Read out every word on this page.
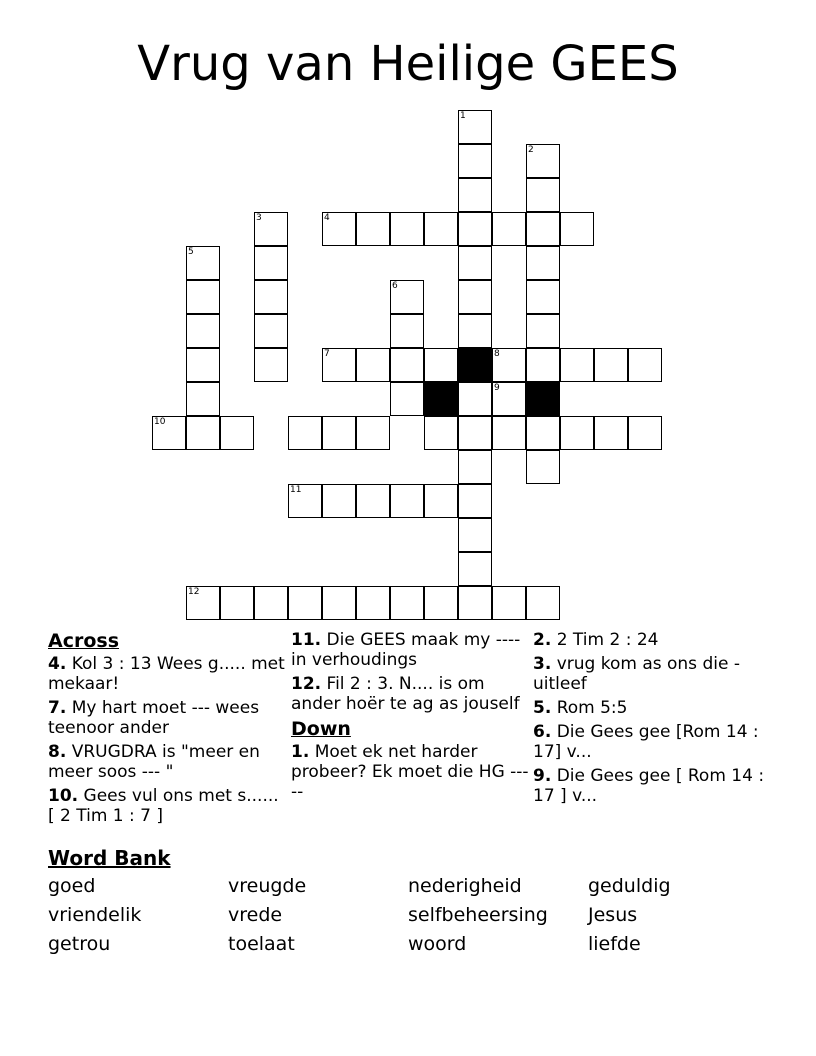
Vrug van Heilige GEES
1
2
3	4
5
6
7	8
9
10
11
12
Across
4. Kol 3 : 13 Wees g..... met mekaar!
7. My hart moet --- wees teenoor ander
8. VRUGDRA is "meer en meer soos --- "
10. Gees vul ons met s...... [ 2 Tim 1 : 7 ]
11. Die GEES maak my ---- in verhoudings
12. Fil 2 : 3. N.... is om ander hoër te ag as jouself
Down
1. Moet ek net harder probeer? Ek moet die HG -----
2. 2 Tim 2 : 24
3. vrug kom as ons die - uitleef
5. Rom 5:5
6. Die Gees gee [Rom 14 : 17] v...
9. Die Gees gee [ Rom 14 : 17 ] v...
Word Bank
goed	vreugde	nederigheid	geduldig
vriendelik	vrede	selfbeheersing Jesus
getrou	toelaat	woord	liefde
